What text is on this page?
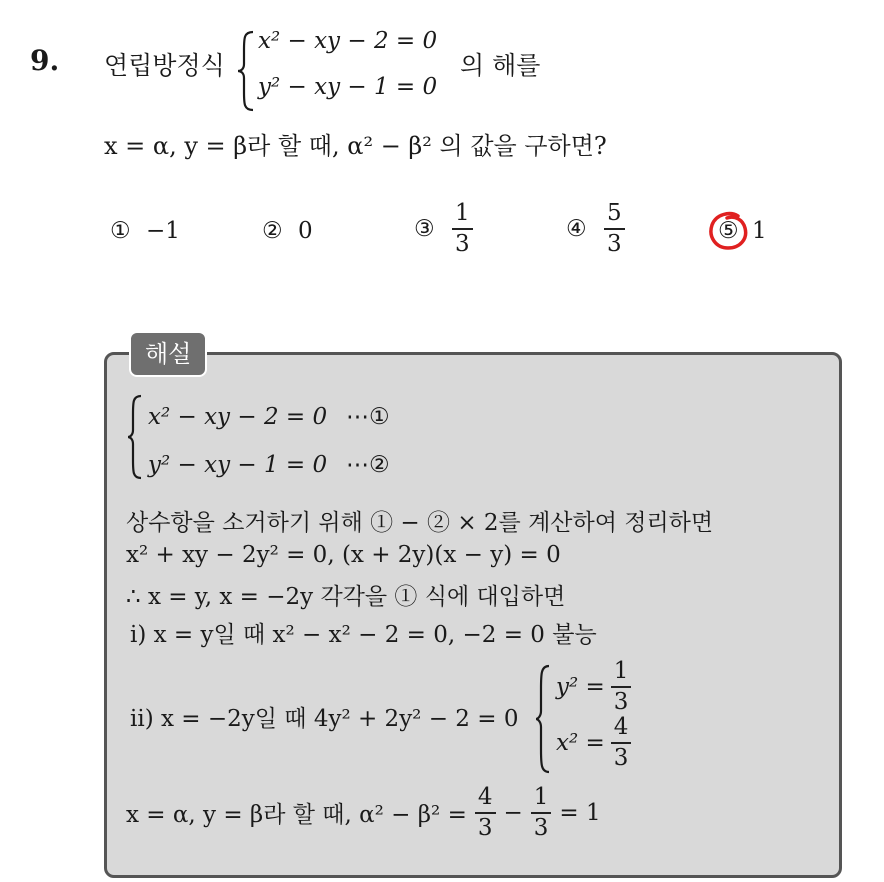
9. 연립방정식
x² − xy − 2 = 0
y² − xy − 1 = 0
의 해를
x = α, y = β라 할 때, α² − β² 의 값을 구하면?
① −1	② 0	③ $\frac{1}{3}$	④ $\frac{5}{3}$	⑤ 1
해설
x² − xy − 2 = 0 ⋯①
y² − xy − 1 = 0 ⋯②
상수항을 소거하기 위해 ① − ② × 2를 계산하여 정리하면
x² + xy − 2y² = 0, (x + 2y)(x − y) = 0
∴ x = y, x = −2y 각각을 ① 식에 대입하면
ⅰ) x = y일 때 x² − x² − 2 = 0, −2 = 0 불능
ⅱ) x = −2y일 때 4y² + 2y² − 2 = 0
$y^2 = \frac{1}{3}$
$x^2 = \frac{4}{3}$
x = α, y = β라 할 때, $\alpha^2 - \beta^2 = \frac{4}{3} - \frac{1}{3} = 1$
